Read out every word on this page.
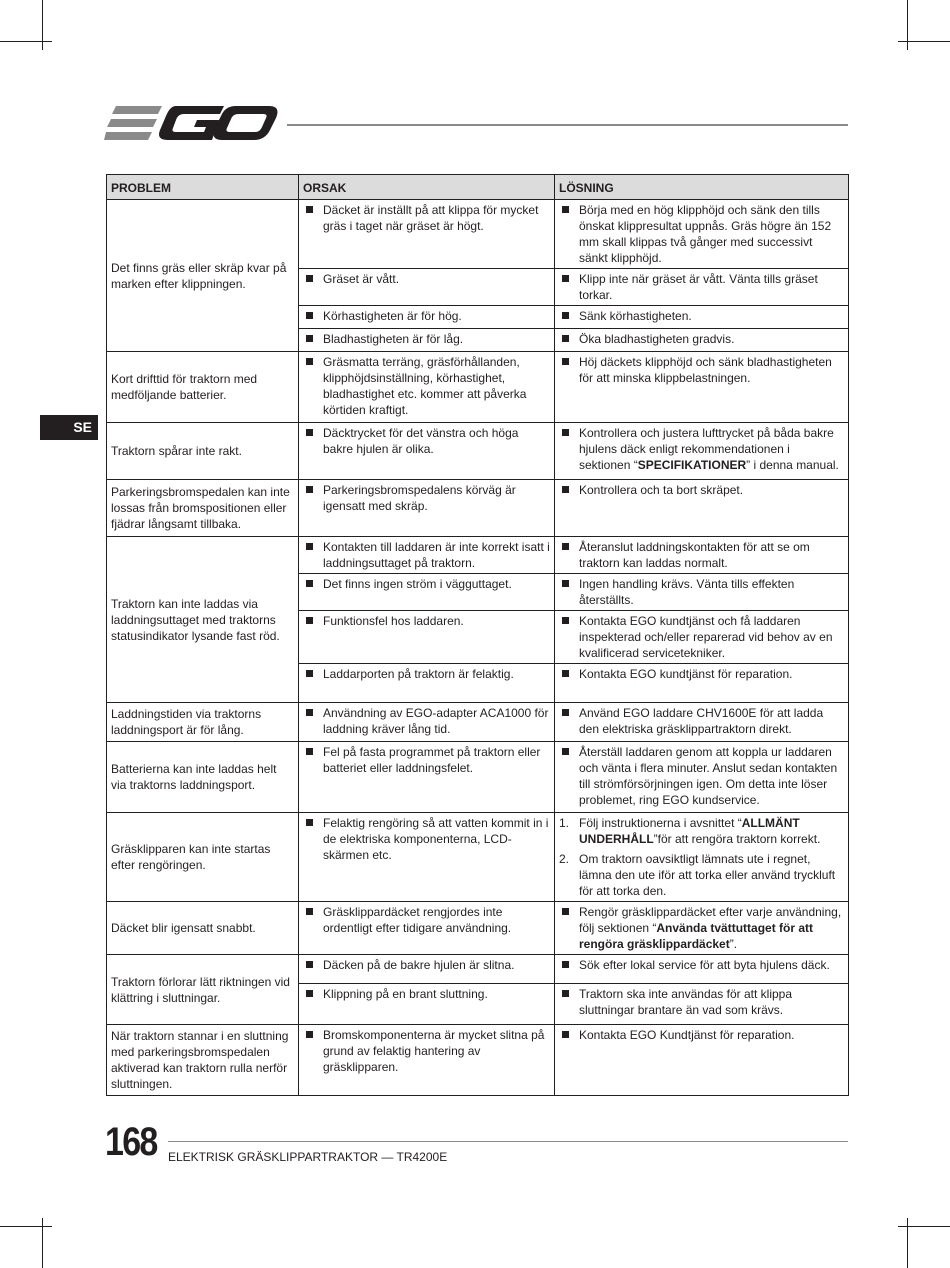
SE
PROBLEM	ORSAK	LÖSNING
Det finns gräs eller skräp kvar på marken efter klippningen.	Däcket är inställt på att klippa för mycket gräs i taget när gräset är högt.	Börja med en hög klipphöjd och sänk den tills önskat klippresultat uppnås. Gräs högre än 152 mm skall klippas två gånger med successivt sänkt klipphöjd.

	Gräset är vått.	Klipp inte när gräset är vått. Vänta tills gräset torkar.

	Körhastigheten är för hög.	Sänk körhastigheten.

	Bladhastigheten är för låg.	Öka bladhastigheten gradvis.

Kort drifttid för traktorn med medföljande batterier.	Gräsmatta terräng, gräsförhållanden, klipphöjdsinställning, körhastighet, bladhastighet etc. kommer att påverka körtiden kraftigt.	Höj däckets klipphöjd och sänk bladhastigheten för att minska klippbelastningen.

Traktorn spårar inte rakt.	Däcktrycket för det vänstra och höga bakre hjulen är olika.	Kontrollera och justera lufttrycket på båda bakre hjulens däck enligt rekommendationen i sektionen “SPECIFIKATIONER” i denna manual.

Parkeringsbromspedalen kan inte lossas från bromspositionen eller fjädrar långsamt tillbaka.	Parkeringsbromspedalens körväg är igensatt med skräp.	Kontrollera och ta bort skräpet.

Traktorn kan inte laddas via laddningsuttaget med traktorns statusindikator lysande fast röd.	Kontakten till laddaren är inte korrekt isatt i laddningsuttaget på traktorn.	Återanslut laddningskontakten för att se om traktorn kan laddas normalt.

	Det finns ingen ström i vägguttaget.	Ingen handling krävs. Vänta tills effekten återställts.

	Funktionsfel hos laddaren.	Kontakta EGO kundtjänst och få laddaren inspekterad och/eller reparerad vid behov av en kvalificerad servicetekniker.

	Laddarporten på traktorn är felaktig.	Kontakta EGO kundtjänst för reparation.

Laddningstiden via traktorns laddningsport är för lång.	Användning av EGO-adapter ACA1000 för laddning kräver lång tid.	Använd EGO laddare CHV1600E för att ladda den elektriska gräsklippartraktorn direkt.

Batterierna kan inte laddas helt via traktorns laddningsport.	Fel på fasta programmet på traktorn eller batteriet eller laddningsfelet.	Återställ laddaren genom att koppla ur laddaren och vänta i flera minuter. Anslut sedan kontakten till strömförsörjningen igen. Om detta inte löser problemet, ring EGO kundservice.

Gräsklipparen kan inte startas efter rengöringen.	Felaktig rengöring så att vatten kommit in i de elektriska komponenterna, LCD-skärmen etc.	1. Följ instruktionerna i avsnittet “ALLMÄNT UNDERHÅLL”för att rengöra traktorn korrekt.
2. Om traktorn oavsiktligt lämnats ute i regnet, lämna den ute iför att torka eller använd tryckluft för att torka den.

Däcket blir igensatt snabbt.	Gräsklippardäcket rengjordes inte ordentligt efter tidigare användning.	Rengör gräsklippardäcket efter varje användning, följ sektionen “Använda tvättuttaget för att rengöra gräsklippardäcket”.

Traktorn förlorar lätt riktningen vid klättring i sluttningar.	Däcken på de bakre hjulen är slitna.	Sök efter lokal service för att byta hjulens däck.

	Klippning på en brant sluttning.	Traktorn ska inte användas för att klippa sluttningar brantare än vad som krävs.

När traktorn stannar i en sluttning med parkeringsbromspedalen aktiverad kan traktorn rulla nerför sluttningen.	Bromskomponenterna är mycket slitna på grund av felaktig hantering av gräsklipparen.	Kontakta EGO Kundtjänst för reparation.
168 ELEKTRISK GRÄSKLIPPARTRAKTOR — TR4200E
